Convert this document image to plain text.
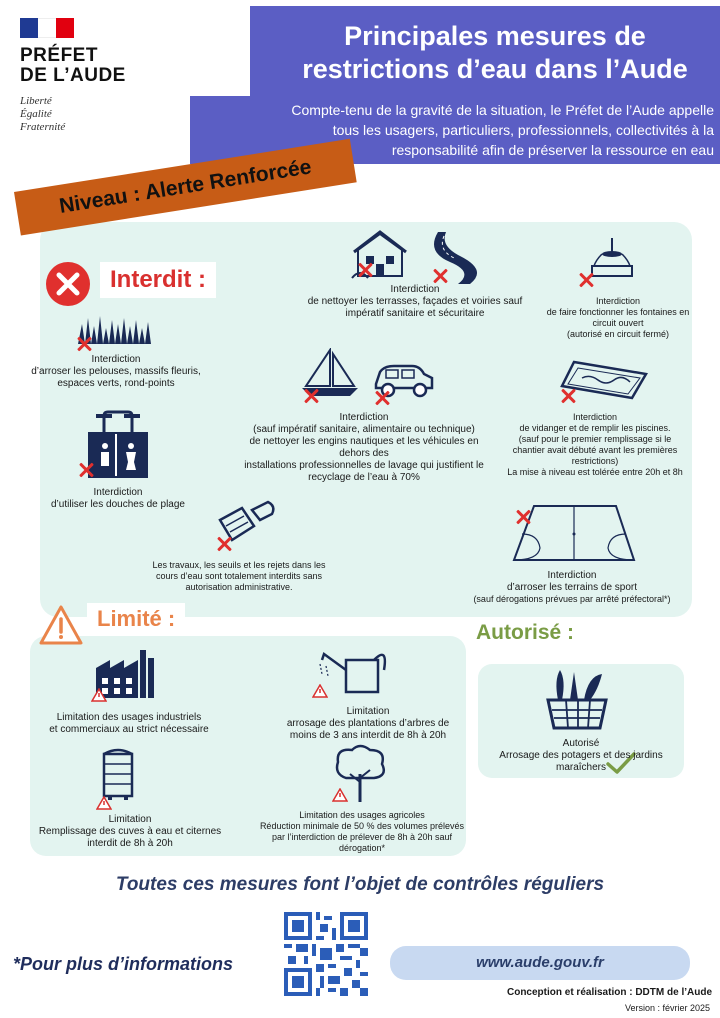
PRÉFET
DE L’AUDE
Liberté
Égalité
Fraternité
Compte-tenu de la gravité de la situation, le Préfet de l’Aude appelle
tous les usagers, particuliers, professionnels, collectivités à la
responsabilité afin de préserver la ressource en eau
Principales mesures de
restrictions d’eau dans l’Aude
Niveau : Alerte Renforcée
Interdit :	Interdiction
de nettoyer les terrasses, façades et voiries sauf
impératif sanitaire et sécuritaire
Interdiction
de faire fonctionner les fontaines en
circuit ouvert
(autorisé en circuit fermé)
Interdiction
d’arroser les pelouses, massifs fleuris,
espaces verts, rond-points
Interdiction
(sauf impératif sanitaire, alimentaire ou technique)
de nettoyer les engins nautiques et les véhicules en
dehors des
installations professionnelles de lavage qui justifient le
recyclage de l’eau à 70%
Interdiction
de vidanger et de remplir les piscines.
(sauf pour le premier remplissage si le
chantier avait débuté avant les premières
restrictions)
La mise à niveau est tolérée entre 20h et 8h
Interdiction
d’utiliser les douches de plage
Les travaux, les seuils et les rejets dans les
cours d’eau sont totalement interdits sans
autorisation administrative.
Interdiction
d’arroser les terrains de sport
(sauf dérogations prévues par arrêté préfectoral*)
Limité :
Limitation des usages industriels
et commerciaux au strict nécessaire
Limitation
arrosage des plantations d’arbres de
moins de 3 ans interdit de 8h à 20h
Limitation
Remplissage des cuves à eau et citernes
interdit de 8h à 20h
Limitation des usages agricoles
Réduction minimale de 50 % des volumes prélevés
par l’interdiction de prélever de 8h à 20h sauf
dérogation*
Autorisé :
Autorisé
Arrosage des potagers et des jardins
maraîchers
Toutes ces mesures font l’objet de contrôles réguliers
*Pour plus d’informations	www.aude.gouv.fr
Conception et réalisation : DDTM de l’Aude
Version : février 2025
